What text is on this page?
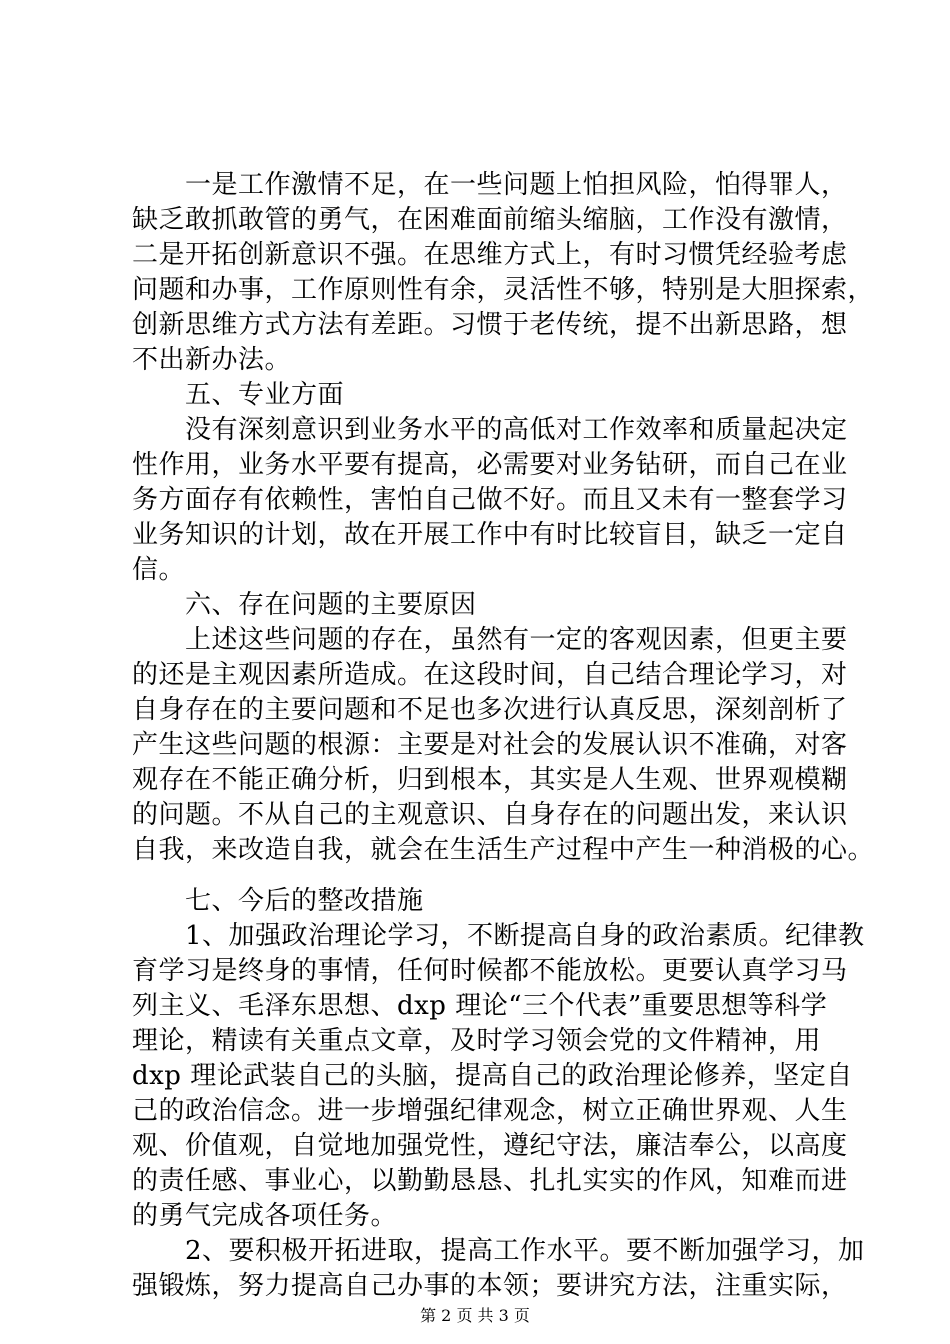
　　一是工作激情不足，在一些问题上怕担风险，怕得罪人，
缺乏敢抓敢管的勇气，在困难面前缩头缩脑，工作没有激情，
二是开拓创新意识不强。在思维方式上，有时习惯凭经验考虑
问题和办事，工作原则性有余，灵活性不够，特别是大胆探索，
创新思维方式方法有差距。习惯于老传统，提不出新思路，想
不出新办法。
　　五、专业方面
　　没有深刻意识到业务水平的高低对工作效率和质量起决定
性作用，业务水平要有提高，必需要对业务钻研，而自己在业
务方面存有依赖性，害怕自己做不好。而且又未有一整套学习
业务知识的计划，故在开展工作中有时比较盲目，缺乏一定自
信。
　　六、存在问题的主要原因
　　上述这些问题的存在，虽然有一定的客观因素，但更主要
的还是主观因素所造成。在这段时间，自己结合理论学习，对
自身存在的主要问题和不足也多次进行认真反思，深刻剖析了
产生这些问题的根源：主要是对社会的发展认识不准确，对客
观存在不能正确分析，归到根本，其实是人生观、世界观模糊
的问题。不从自己的主观意识、自身存在的问题出发，来认识
自我，来改造自我，就会在生活生产过程中产生一种消极的心。
　　七、今后的整改措施
　　1、加强政治理论学习，不断提高自身的政治素质。纪律教
育学习是终身的事情，任何时候都不能放松。更要认真学习马
列主义、毛泽东思想、dxp 理论“三个代表”重要思想等科学
理论，精读有关重点文章，及时学习领会党的文件精神，用
dxp 理论武装自己的头脑，提高自己的政治理论修养，坚定自
己的政治信念。进一步增强纪律观念，树立正确世界观、人生
观、价值观，自觉地加强党性，遵纪守法，廉洁奉公，以高度
的责任感、事业心，以勤勤恳恳、扎扎实实的作风，知难而进
的勇气完成各项任务。
　　2、要积极开拓进取，提高工作水平。要不断加强学习，加
强锻炼，努力提高自己办事的本领；要讲究方法，注重实际，
第 2 页 共 3 页
